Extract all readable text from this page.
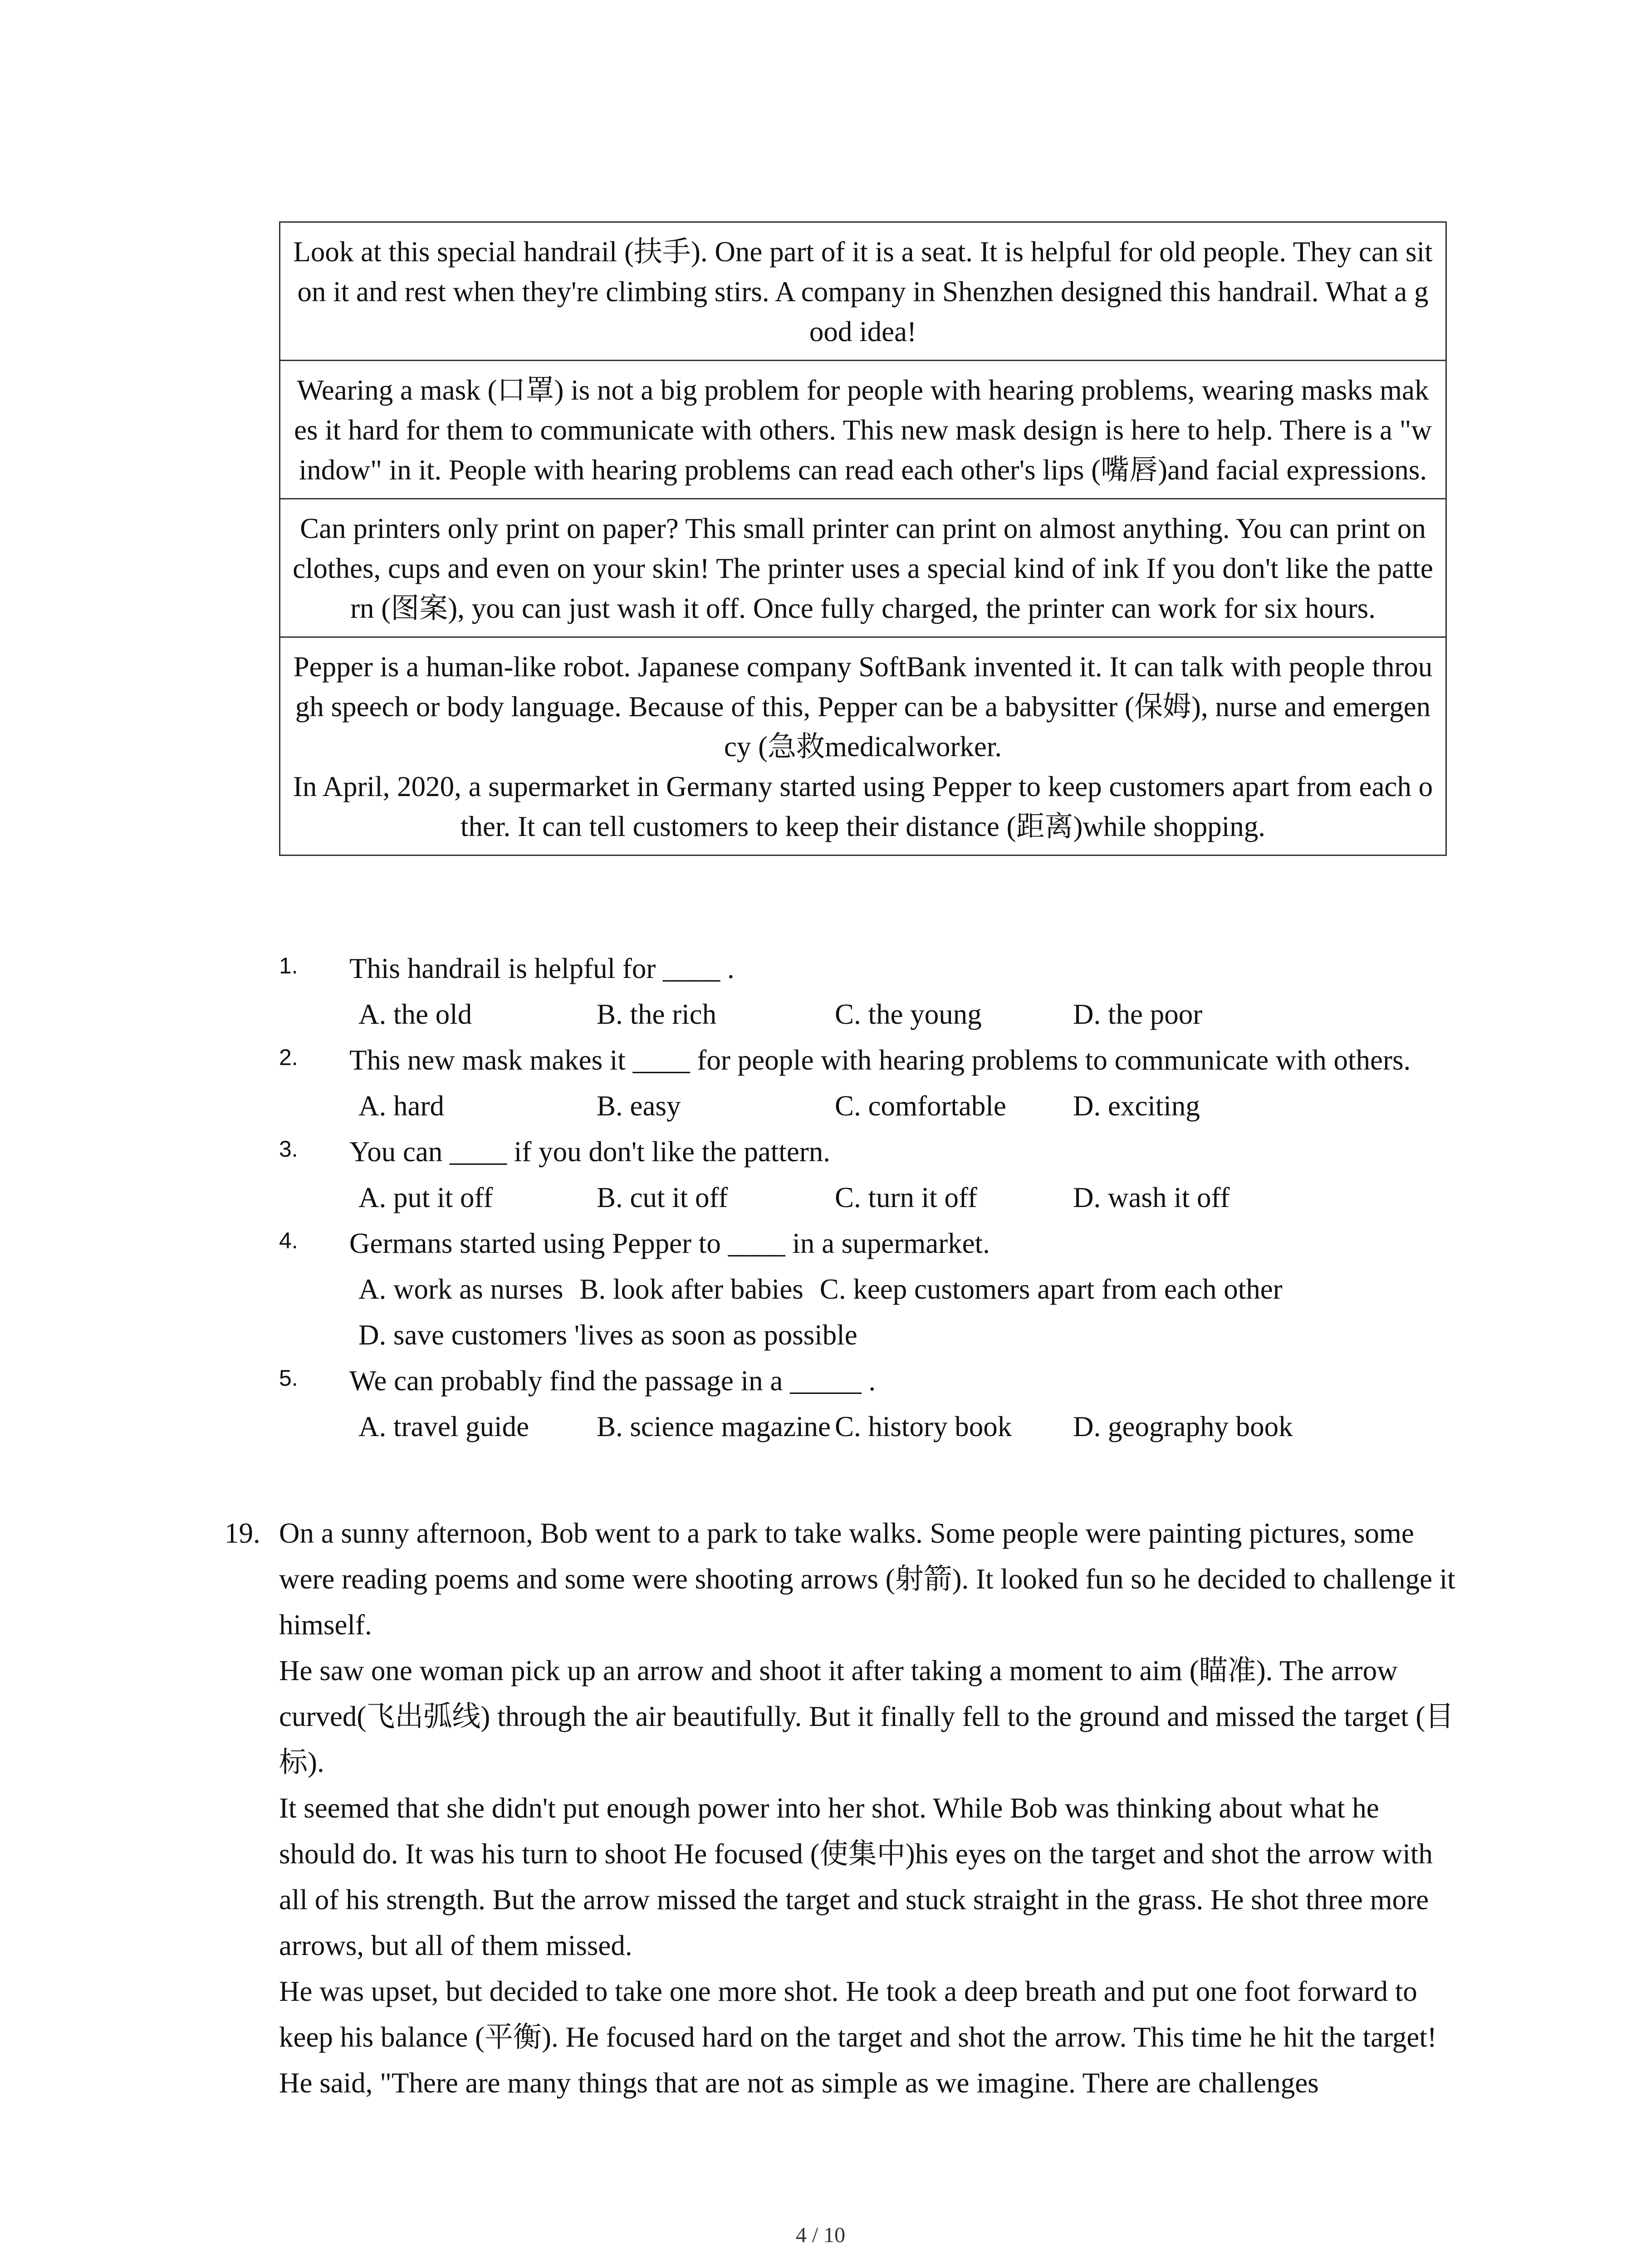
Look at this special handrail (扶手). One part of it is a seat. It is helpful for old people. They can sit on it and rest when they're climbing stirs. A company in Shenzhen designed this handrail. What a good idea!

Wearing a mask (口罩) is not a big problem for people with hearing problems, wearing masks makes it hard for them to communicate with others. This new mask design is here to help. There is a "window" in it. People with hearing problems can read each other's lips (嘴唇)and facial expressions.

Can printers only print on paper? This small printer can print on almost anything. You can print on clothes, cups and even on your skin! The printer uses a special kind of ink If you don't like the pattern (图案), you can just wash it off. Once fully charged, the printer can work for six hours.

Pepper is a human-like robot. Japanese company SoftBank invented it. It can talk with people through speech or body language. Because of this, Pepper can be a babysitter (保姆), nurse and emergency (急救medicalworker.

In April, 2020, a supermarket in Germany started using Pepper to keep customers apart from each other. It can tell customers to keep their distance (距离)while shopping.

1. This handrail is helpful for ____ .
A. the old	B. the rich	C. the young	D. the poor
2. This new mask makes it ____ for people with hearing problems to communicate with others.
A. hard	B. easy	C. comfortable	D. exciting
3. You can ____ if you don't like the pattern.
A. put it off	B. cut it off	C. turn it off	D. wash it off
4. Germans started using Pepper to ____ in a supermarket.
A. work as nurses B. look after babies C. keep customers apart from each other
D. save customers 'lives as soon as possible
5. We can probably find the passage in a _____ .
A. travel guide	B. science magazine C. history book	D. geography book
19. On a sunny afternoon, Bob went to a park to take walks. Some people were painting pictures, some were reading poems and some were shooting arrows (射箭). It looked fun so he decided to challenge it himself.

He saw one woman pick up an arrow and shoot it after taking a moment to aim (瞄准). The arrow curved(飞出弧线) through the air beautifully. But it finally fell to the ground and missed the target (目标).

It seemed that she didn't put enough power into her shot. While Bob was thinking about what he should do. It was his turn to shoot He focused (使集中)his eyes on the target and shot the arrow with all of his strength. But the arrow missed the target and stuck straight in the grass. He shot three more arrows, but all of them missed.

He was upset, but decided to take one more shot. He took a deep breath and put one foot forward to keep his balance (平衡). He focused hard on the target and shot the arrow. This time he hit the target!

He said, "There are many things that are not as simple as we imagine. There are challenges

4 / 10
